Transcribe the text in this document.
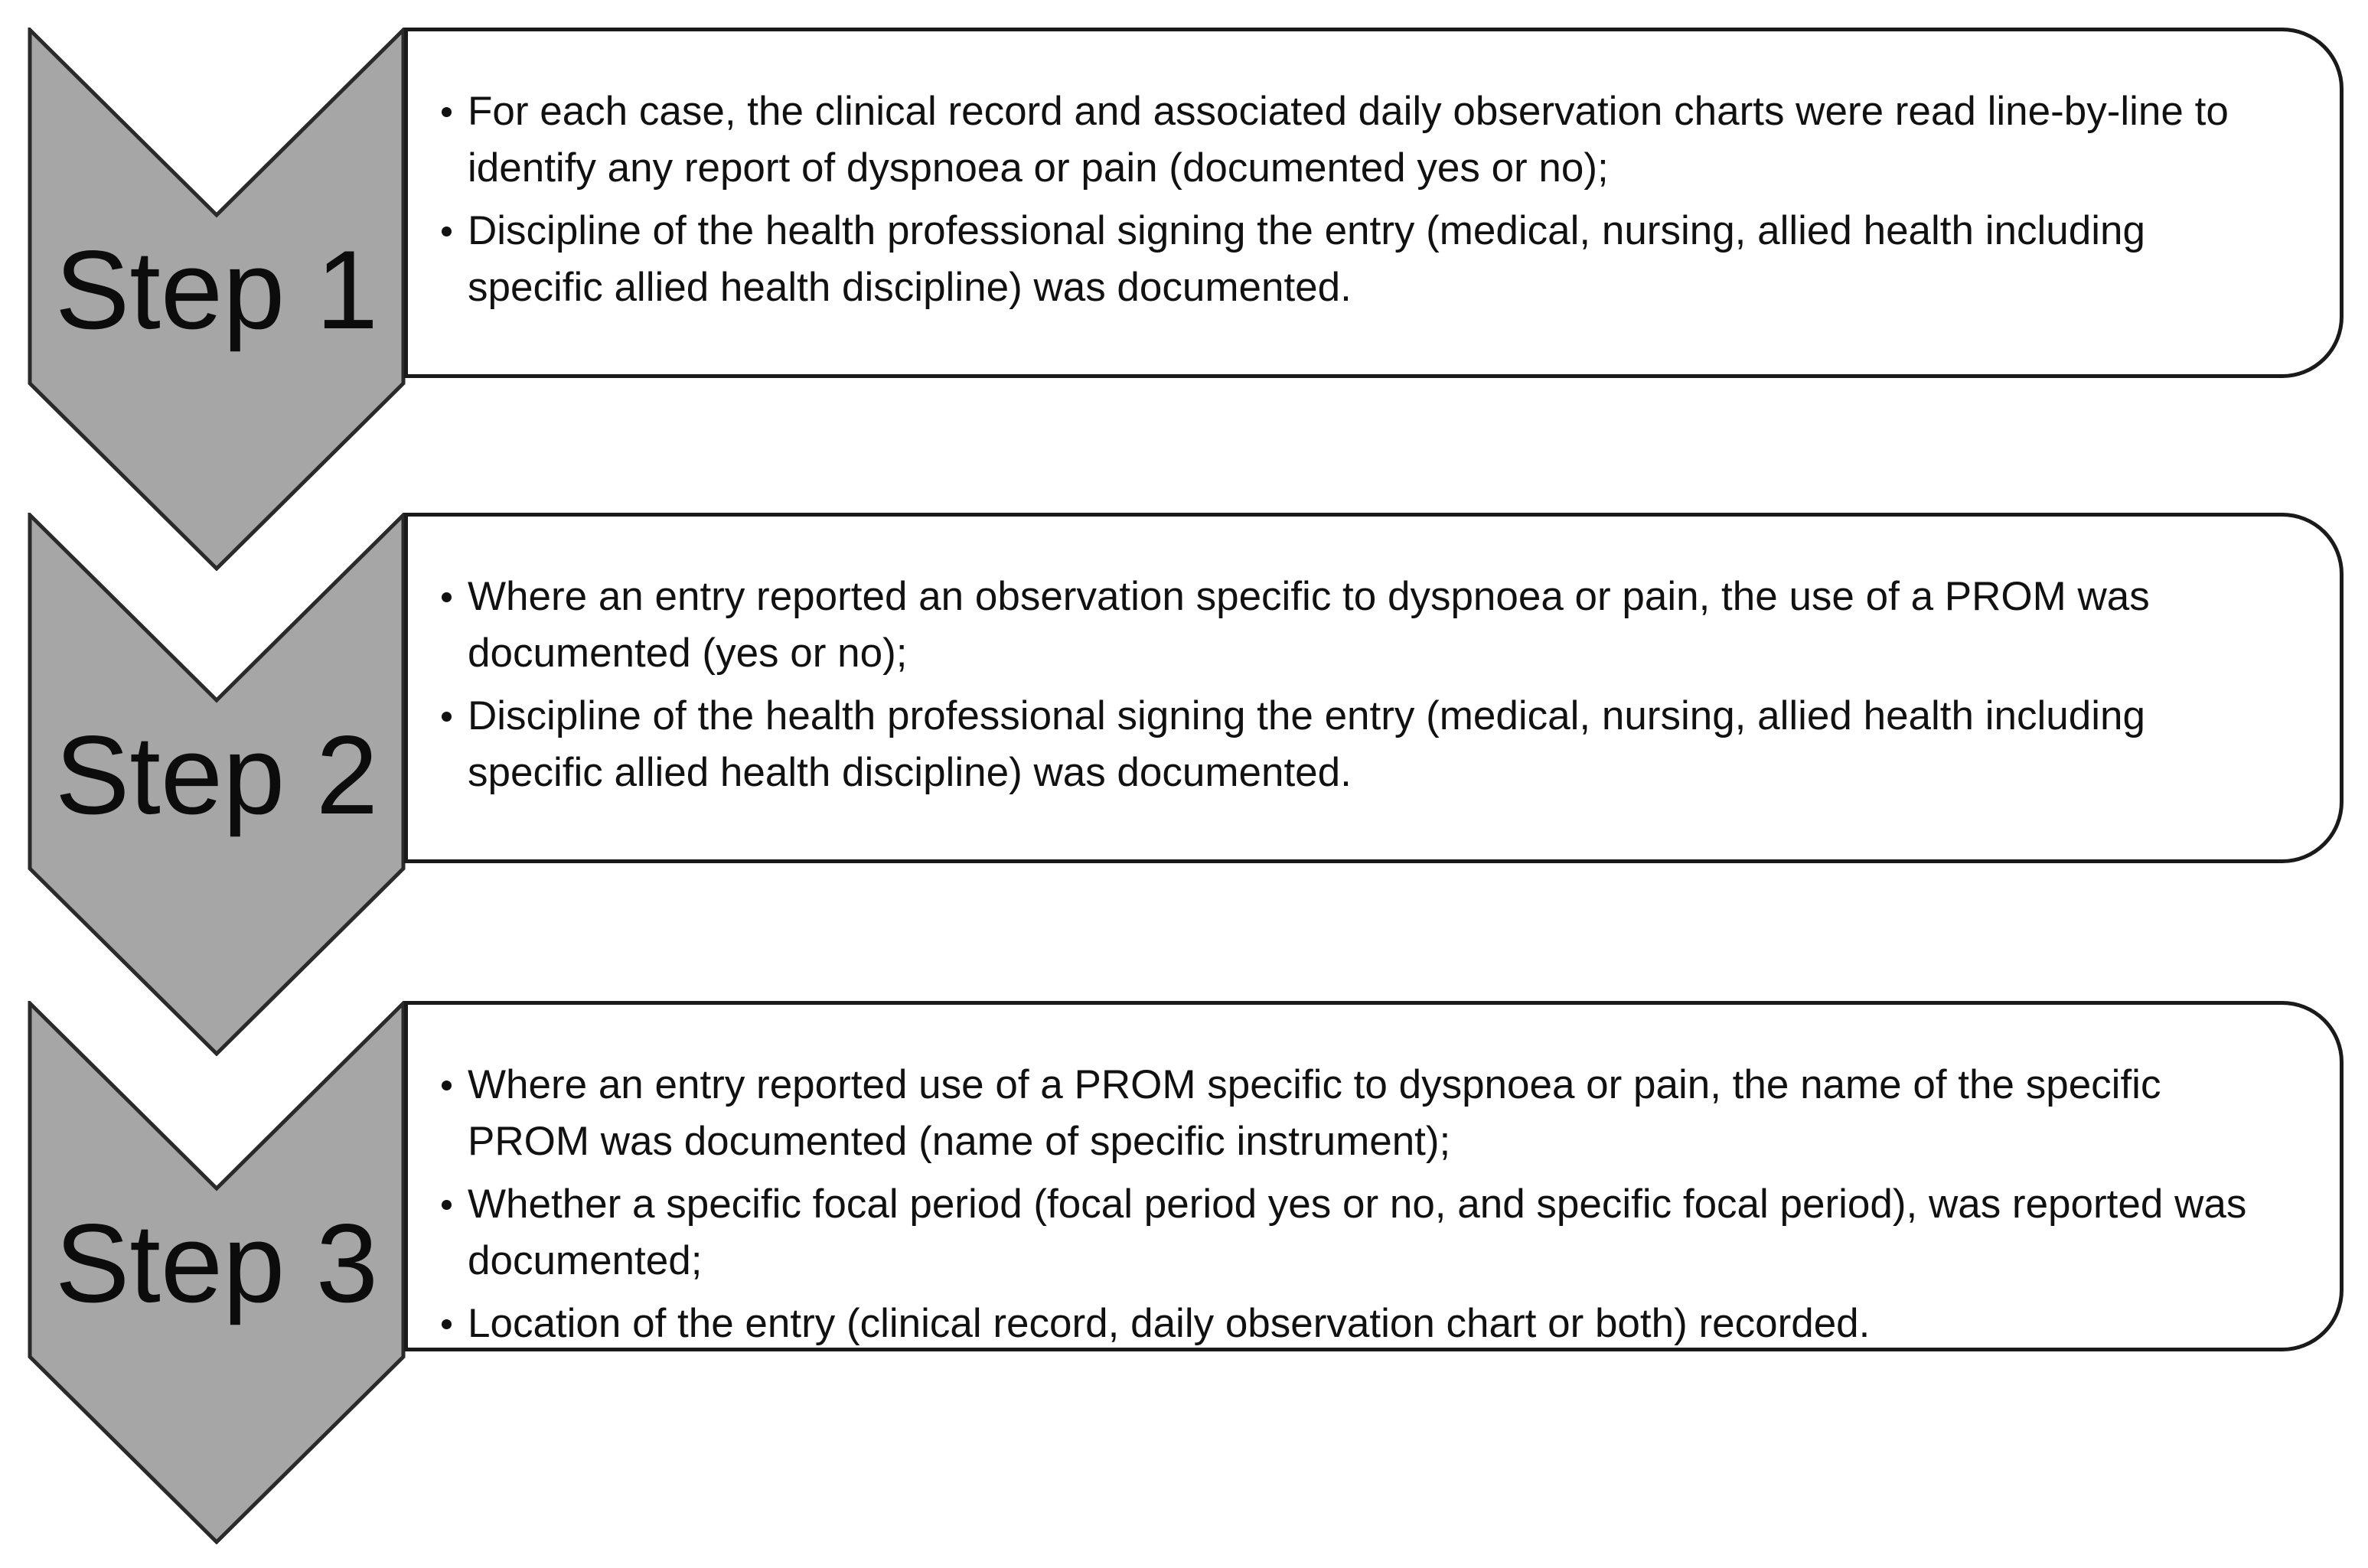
For each case, the clinical record and associated daily observation charts were read line-by-line to identify any report of dyspnoea or pain (documented yes or no);
Discipline of the health professional signing the entry (medical, nursing, allied health including specific allied health discipline) was documented.
Step 1
Where an entry reported an observation specific to dyspnoea or pain, the use of a PROM was documented (yes or no);
Discipline of the health professional signing the entry (medical, nursing, allied health including specific allied health discipline) was documented.
Step 2
Where an entry reported use of a PROM specific to dyspnoea or pain, the name of the specific PROM was documented (name of specific instrument);
Whether a specific focal period (focal period yes or no, and specific focal period), was reported was documented;
Location of the entry (clinical record, daily observation chart or both) recorded.
Step 3
